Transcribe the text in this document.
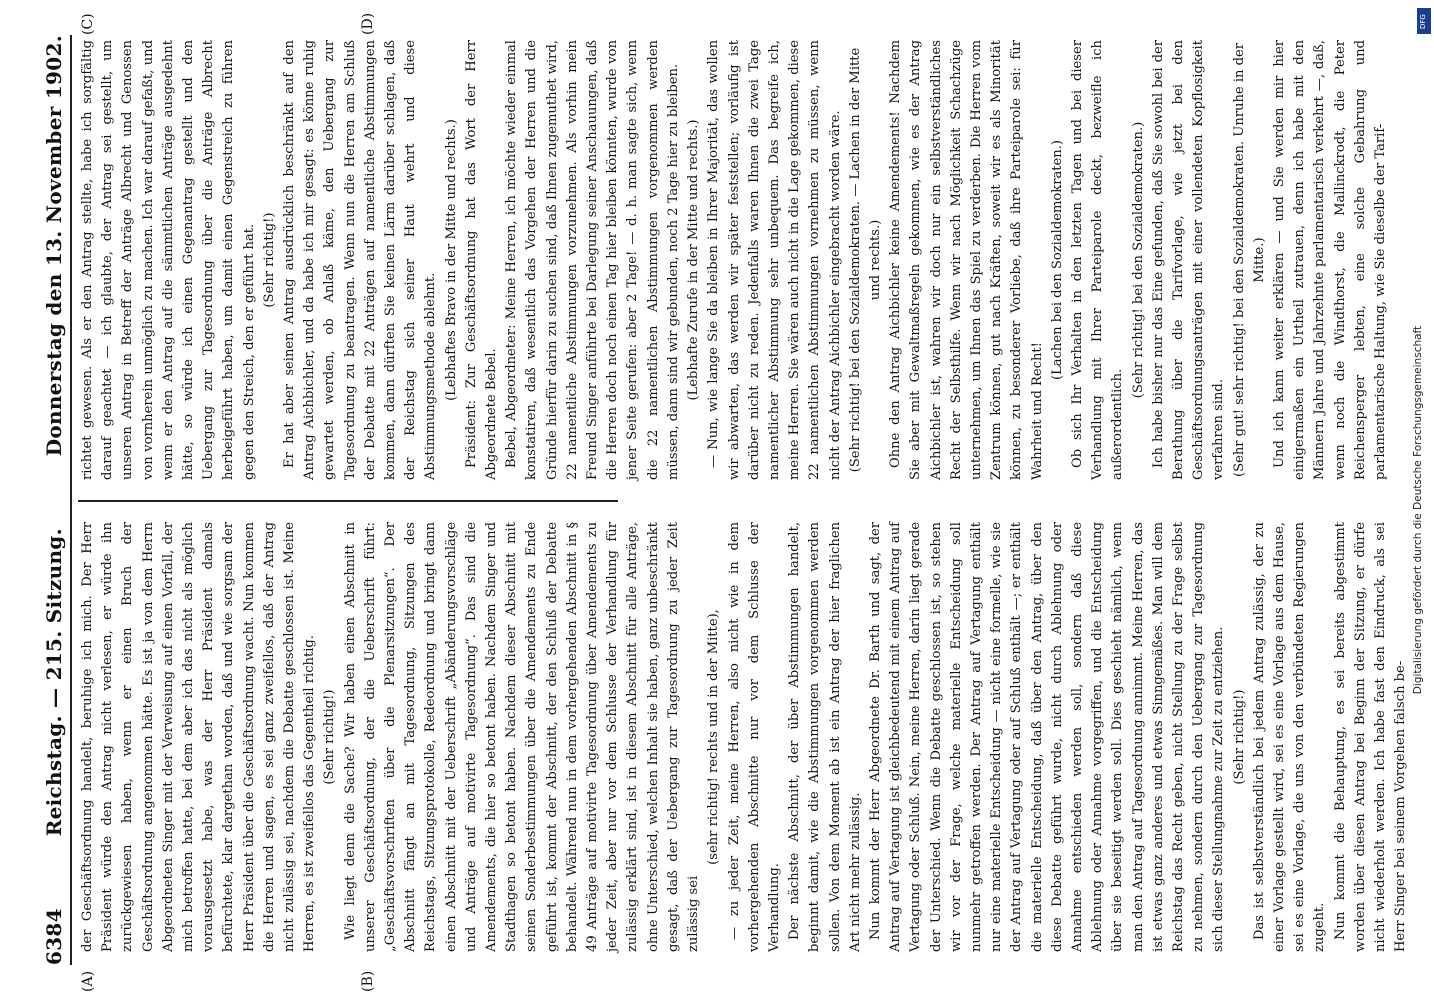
6384
Reichstag. — 215. Sitzung.
Donnerstag den 13. November 1902.
(A)	(B)
(C)	(D)

der Geschäftsordnung handelt, beruhige ich mich. Der Herr Präsident würde den Antrag nicht verlesen, er würde ihn zurückgewiesen haben, wenn er einen Bruch der Geschäftsordnung angenommen hätte. Es ist ja von dem Herrn Abgeordneten Singer mit der Verweisung auf einen Vorfall, der mich betroffen hatte, bei dem aber ich das nicht als möglich vorausgesetzt habe, was der Herr Präsident damals befürchtete, klar dargethan worden, daß und wie sorgsam der Herr Präsident über die Geschäftsordnung wacht. Nun kommen die Herren und sagen, es sei ganz zweifellos, daß der Antrag nicht zulässig sei, nachdem die Debatte geschlossen ist. Meine Herren, es ist zweifellos das Gegentheil richtig. (Sehr richtig!) Wie liegt denn die Sache? Wir haben einen Abschnitt in unserer Geschäftsordnung, der die Ueberschrift führt: „Geschäftsvorschriften über die Plenarsitzungen“. Der Abschnitt fängt an mit Tagesordnung, Sitzungen des Reichstags, Sitzungsprotokolle, Redeordnung und bringt dann einen Abschnitt mit der Ueberschrift „Abänderungsvorschläge und Anträge auf motivirte Tagesordnung“. Das sind die Amendements, die hier so betont haben. Nachdem Singer und Stadthagen so betont haben. Nachdem dieser Abschnitt mit seinen Sonderbestimmungen über die Amendements zu Ende geführt ist, kommt der Abschnitt, der den Schluß der Debatte behandelt. Während nun in dem vorhergehenden Abschnitt in § 49 Anträge auf motivirte Tagesordnung über Amendements zu jeder Zeit, aber nur vor dem Schlusse der Verhandlung für zulässig erklärt sind, ist in diesem Abschnitt für alle Anträge, ohne Unterschied, welchen Inhalt sie haben, ganz unbeschränkt gesagt, daß der Uebergang zur Tagesordnung zu jeder Zeit zulässig sei

(sehr richtig! rechts und in der Mitte), — zu jeder Zeit, meine Herren, also nicht wie in dem vorhergehenden Abschnitte nur vor dem Schlusse der Verhandlung. Der nächste Abschnitt, der über Abstimmungen handelt, beginnt damit, wie die Abstimmungen vorgenommen werden sollen. Von dem Moment ab ist ein Antrag der hier fraglichen Art nicht mehr zulässig. Nun kommt der Herr Abgeordnete Dr. Barth und sagt, der Antrag auf Vertagung ist gleichbedeutend mit einem Antrag auf Vertagung oder Schluß. Nein, meine Herren, darin liegt gerade der Unterschied. Wenn die Debatte geschlossen ist, so stehen wir vor der Frage, welche materielle Entscheidung soll nunmehr getroffen werden. Der Antrag auf Vertagung enthält nur eine materielle Entscheidung — nicht eine formelle, wie sie der Antrag auf Vertagung oder auf Schluß enthält —; er enthält die materielle Entscheidung, daß über den Antrag, über den diese Debatte geführt wurde, nicht durch Ablehnung oder Annahme entschieden werden soll, sondern daß diese Ablehnung oder Annahme vorgegriffen, und die Entscheidung über sie beseitigt werden soll. Dies geschieht nämlich, wenn man den Antrag auf Tagesordnung annimmt. Meine Herren, das ist etwas ganz anderes und etwas Sinngemäßes. Man will dem Reichstag das Recht geben, nicht Stellung zu der Frage selbst zu nehmen, sondern durch den Uebergang zur Tagesordnung sich dieser Stellungnahme zur Zeit zu entziehen. (Sehr richtig!) Das ist selbstverständlich bei jedem Antrag zulässig, der zu einer Vorlage gestellt wird, sei es eine Vorlage aus dem Hause, sei es eine Vorlage, die uns von den verbündeten Regierungen zugeht. Nun kommt die Behauptung, es sei bereits abgestimmt worden über diesen Antrag bei Beginn der Sitzung, er dürfe nicht wiederholt werden. Ich habe fast den Eindruck, als sei Herr Singer bei seinem Vorgehen falsch be-

richtet gewesen. Als er den Antrag stellte, habe ich sorgfältig darauf geachtet — ich glaubte, der Antrag sei gestellt, um unseren Antrag in Betreff der Anträge Albrecht und Genossen von vornherein unmöglich zu machen. Ich war darauf gefaßt, und wenn er den Antrag auf die sämmtlichen Anträge ausgedehnt hätte, so würde ich einen Gegenantrag gestellt und den Uebergang zur Tagesordnung über die Anträge Albrecht herbeigeführt haben, um damit einen Gegenstreich zu führen gegen den Streich, den er geführt hat. (Sehr richtig!) Er hat aber seinen Antrag ausdrücklich beschränkt auf den Antrag Aichbichler, und da habe ich mir gesagt: es könne ruhig gewartet werden, ob Anlaß käme, den Uebergang zur Tagesordnung zu beantragen. Wenn nun die Herren am Schluß der Debatte mit 22 Anträgen auf namentliche Abstimmungen kommen, dann dürften Sie keinen Lärm darüber schlagen, daß der Reichstag sich seiner Haut wehrt und diese Abstimmungsmethode ablehnt. (Lebhaftes Bravo in der Mitte und rechts.) Präsident: Zur Geschäftsordnung hat das Wort der Herr Abgeordnete Bebel. Bebel, Abgeordneter: Meine Herren, ich möchte wieder einmal konstatiren, daß wesentlich das Vorgehen der Herren und die Gründe hierfür darin zu suchen sind, daß Ihnen zugemuthet wird, 22 namentliche Abstimmungen vorzunehmen. Als vorhin mein Freund Singer anführte bei Darlegung seiner Anschauungen, daß die Herren doch noch einen Tag hier bleiben könnten, wurde von jener Seite gerufen: aber 2 Tage! — d. h. man sagte sich, wenn die 22 namentlichen Abstimmungen vorgenommen werden müssen, dann sind wir gebunden, noch 2 Tage hier zu bleiben. (Lebhafte Zurufe in der Mitte und rechts.) — Nun, wie lange Sie da bleiben in Ihrer Majorität, das wollen wir abwarten, das werden wir später feststellen; vorläufig ist darüber nicht zu reden. Jedenfalls waren Ihnen die zwei Tage namentlicher Abstimmung sehr unbequem. Das begreife ich, meine Herren. Sie wären auch nicht in die Lage gekommen, diese 22 namentlichen Abstimmungen vornehmen zu müssen, wenn nicht der Antrag Aichbichler eingebracht worden wäre. (Sehr richtig! bei den Sozialdemokraten. — Lachen in der Mitte und rechts.) Ohne den Antrag Aichbichler keine Amendements! Nachdem Sie aber mit Gewaltmaßregeln gekommen, wie es der Antrag Aichbichler ist, wahren wir doch nur ein selbstverständliches Recht der Selbsthilfe. Wenn wir nach Möglichkeit Schachzüge unternehmen, um Ihnen das Spiel zu verderben. Die Herren vom Zentrum können, gut nach Kräften, soweit wir es als Minorität können, zu besonderer Vorliebe, daß ihre Parteiparole sei: für Wahrheit und Recht!

(Lachen bei den Sozialdemokraten.) Ob sich Ihr Verhalten in den letzten Tagen und bei dieser Verhandlung mit Ihrer Parteiparole deckt, bezweifle ich außerordentlich.

(Sehr richtig! bei den Sozialdemokraten.) Ich habe bisher nur das Eine gefunden, daß Sie sowohl bei der Berathung über die Tarifvorlage, wie jetzt bei den Geschäftsordnungsanträgen mit einer vollendeten Kopflosigkeit verfahren sind. (Sehr gut! sehr richtig! bei den Sozialdemokraten. Unruhe in der Mitte.) Und ich kann weiter erklären — und Sie werden mir hier einigermaßen ein Urtheil zutrauen, denn ich habe mit den Männern Jahre und Jahrzehnte parlamentarisch verkehrt —, daß, wenn noch die Windthorst, die Mallinckrodt, die Peter Reichensperger lebten, eine solche Gebahrung und parlamentarische Haltung, wie Sie dieselbe der Tarif-

Digitalisierung gefördert durch die Deutsche Forschungsgemeinschaft
DFG
